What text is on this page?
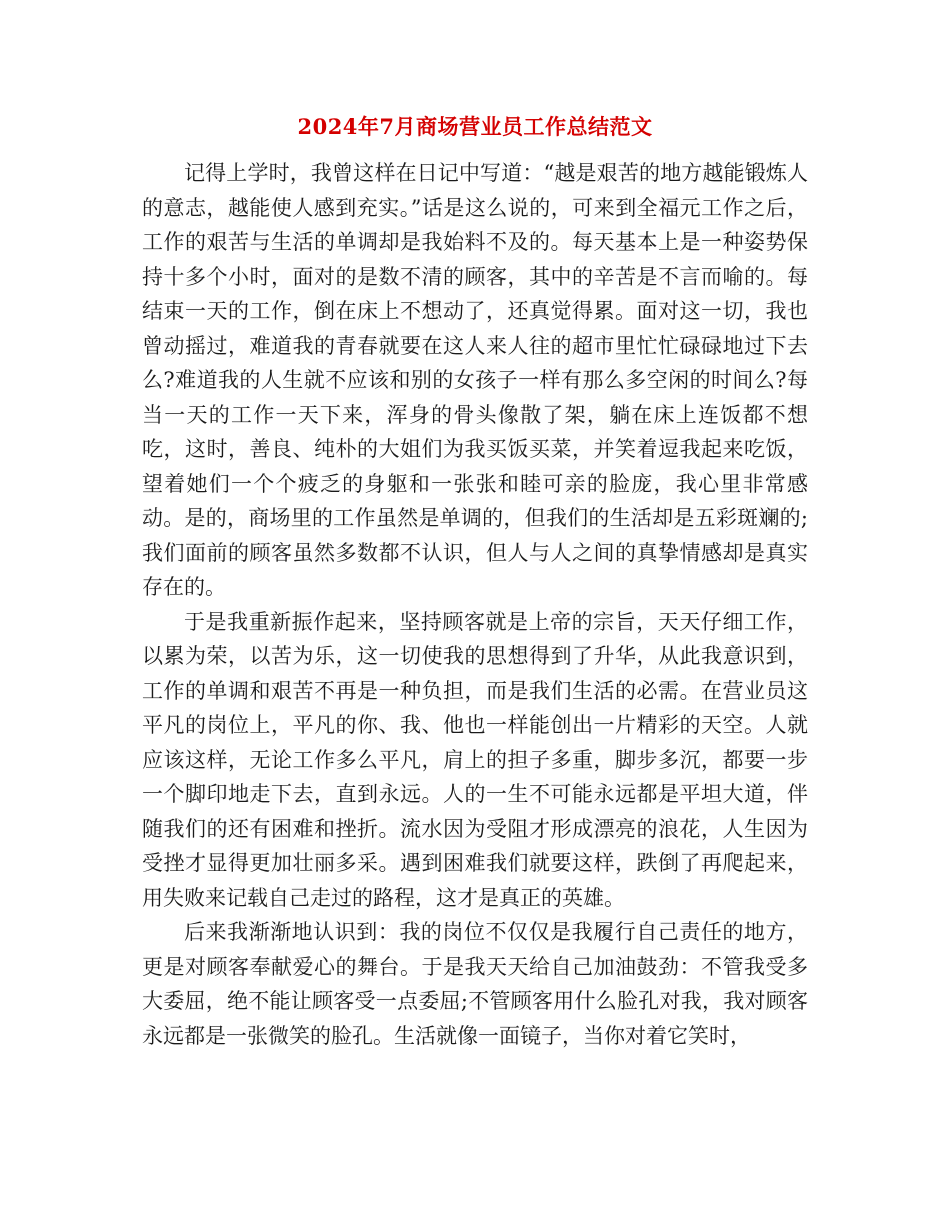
2024年7月商场营业员工作总结范文

记得上学时，我曾这样在日记中写道：“越是艰苦的地方越能锻炼人的意志，越能使人感到充实。”话是这么说的，可来到全福元工作之后，工作的艰苦与生活的单调却是我始料不及的。每天基本上是一种姿势保持十多个小时，面对的是数不清的顾客，其中的辛苦是不言而喻的。每结束一天的工作，倒在床上不想动了，还真觉得累。面对这一切，我也曾动摇过，难道我的青春就要在这人来人往的超市里忙忙碌碌地过下去么?难道我的人生就不应该和别的女孩子一样有那么多空闲的时间么?每当一天的工作一天下来，浑身的骨头像散了架，躺在床上连饭都不想吃，这时，善良、纯朴的大姐们为我买饭买菜，并笑着逗我起来吃饭，望着她们一个个疲乏的身躯和一张张和睦可亲的脸庞，我心里非常感动。是的，商场里的工作虽然是单调的，但我们的生活却是五彩斑斓的;我们面前的顾客虽然多数都不认识，但人与人之间的真挚情感却是真实存在的。

于是我重新振作起来，坚持顾客就是上帝的宗旨，天天仔细工作，以累为荣，以苦为乐，这一切使我的思想得到了升华，从此我意识到，工作的单调和艰苦不再是一种负担，而是我们生活的必需。在营业员这平凡的岗位上，平凡的你、我、他也一样能创出一片精彩的天空。人就应该这样，无论工作多么平凡，肩上的担子多重，脚步多沉，都要一步一个脚印地走下去，直到永远。人的一生不可能永远都是平坦大道，伴随我们的还有困难和挫折。流水因为受阻才形成漂亮的浪花，人生因为受挫才显得更加壮丽多采。遇到困难我们就要这样，跌倒了再爬起来，用失败来记载自己走过的路程，这才是真正的英雄。

后来我渐渐地认识到：我的岗位不仅仅是我履行自己责任的地方，更是对顾客奉献爱心的舞台。于是我天天给自己加油鼓劲：不管我受多大委屈，绝不能让顾客受一点委屈;不管顾客用什么脸孔对我，我对顾客永远都是一张微笑的脸孔。生活就像一面镜子，当你对着它笑时，
